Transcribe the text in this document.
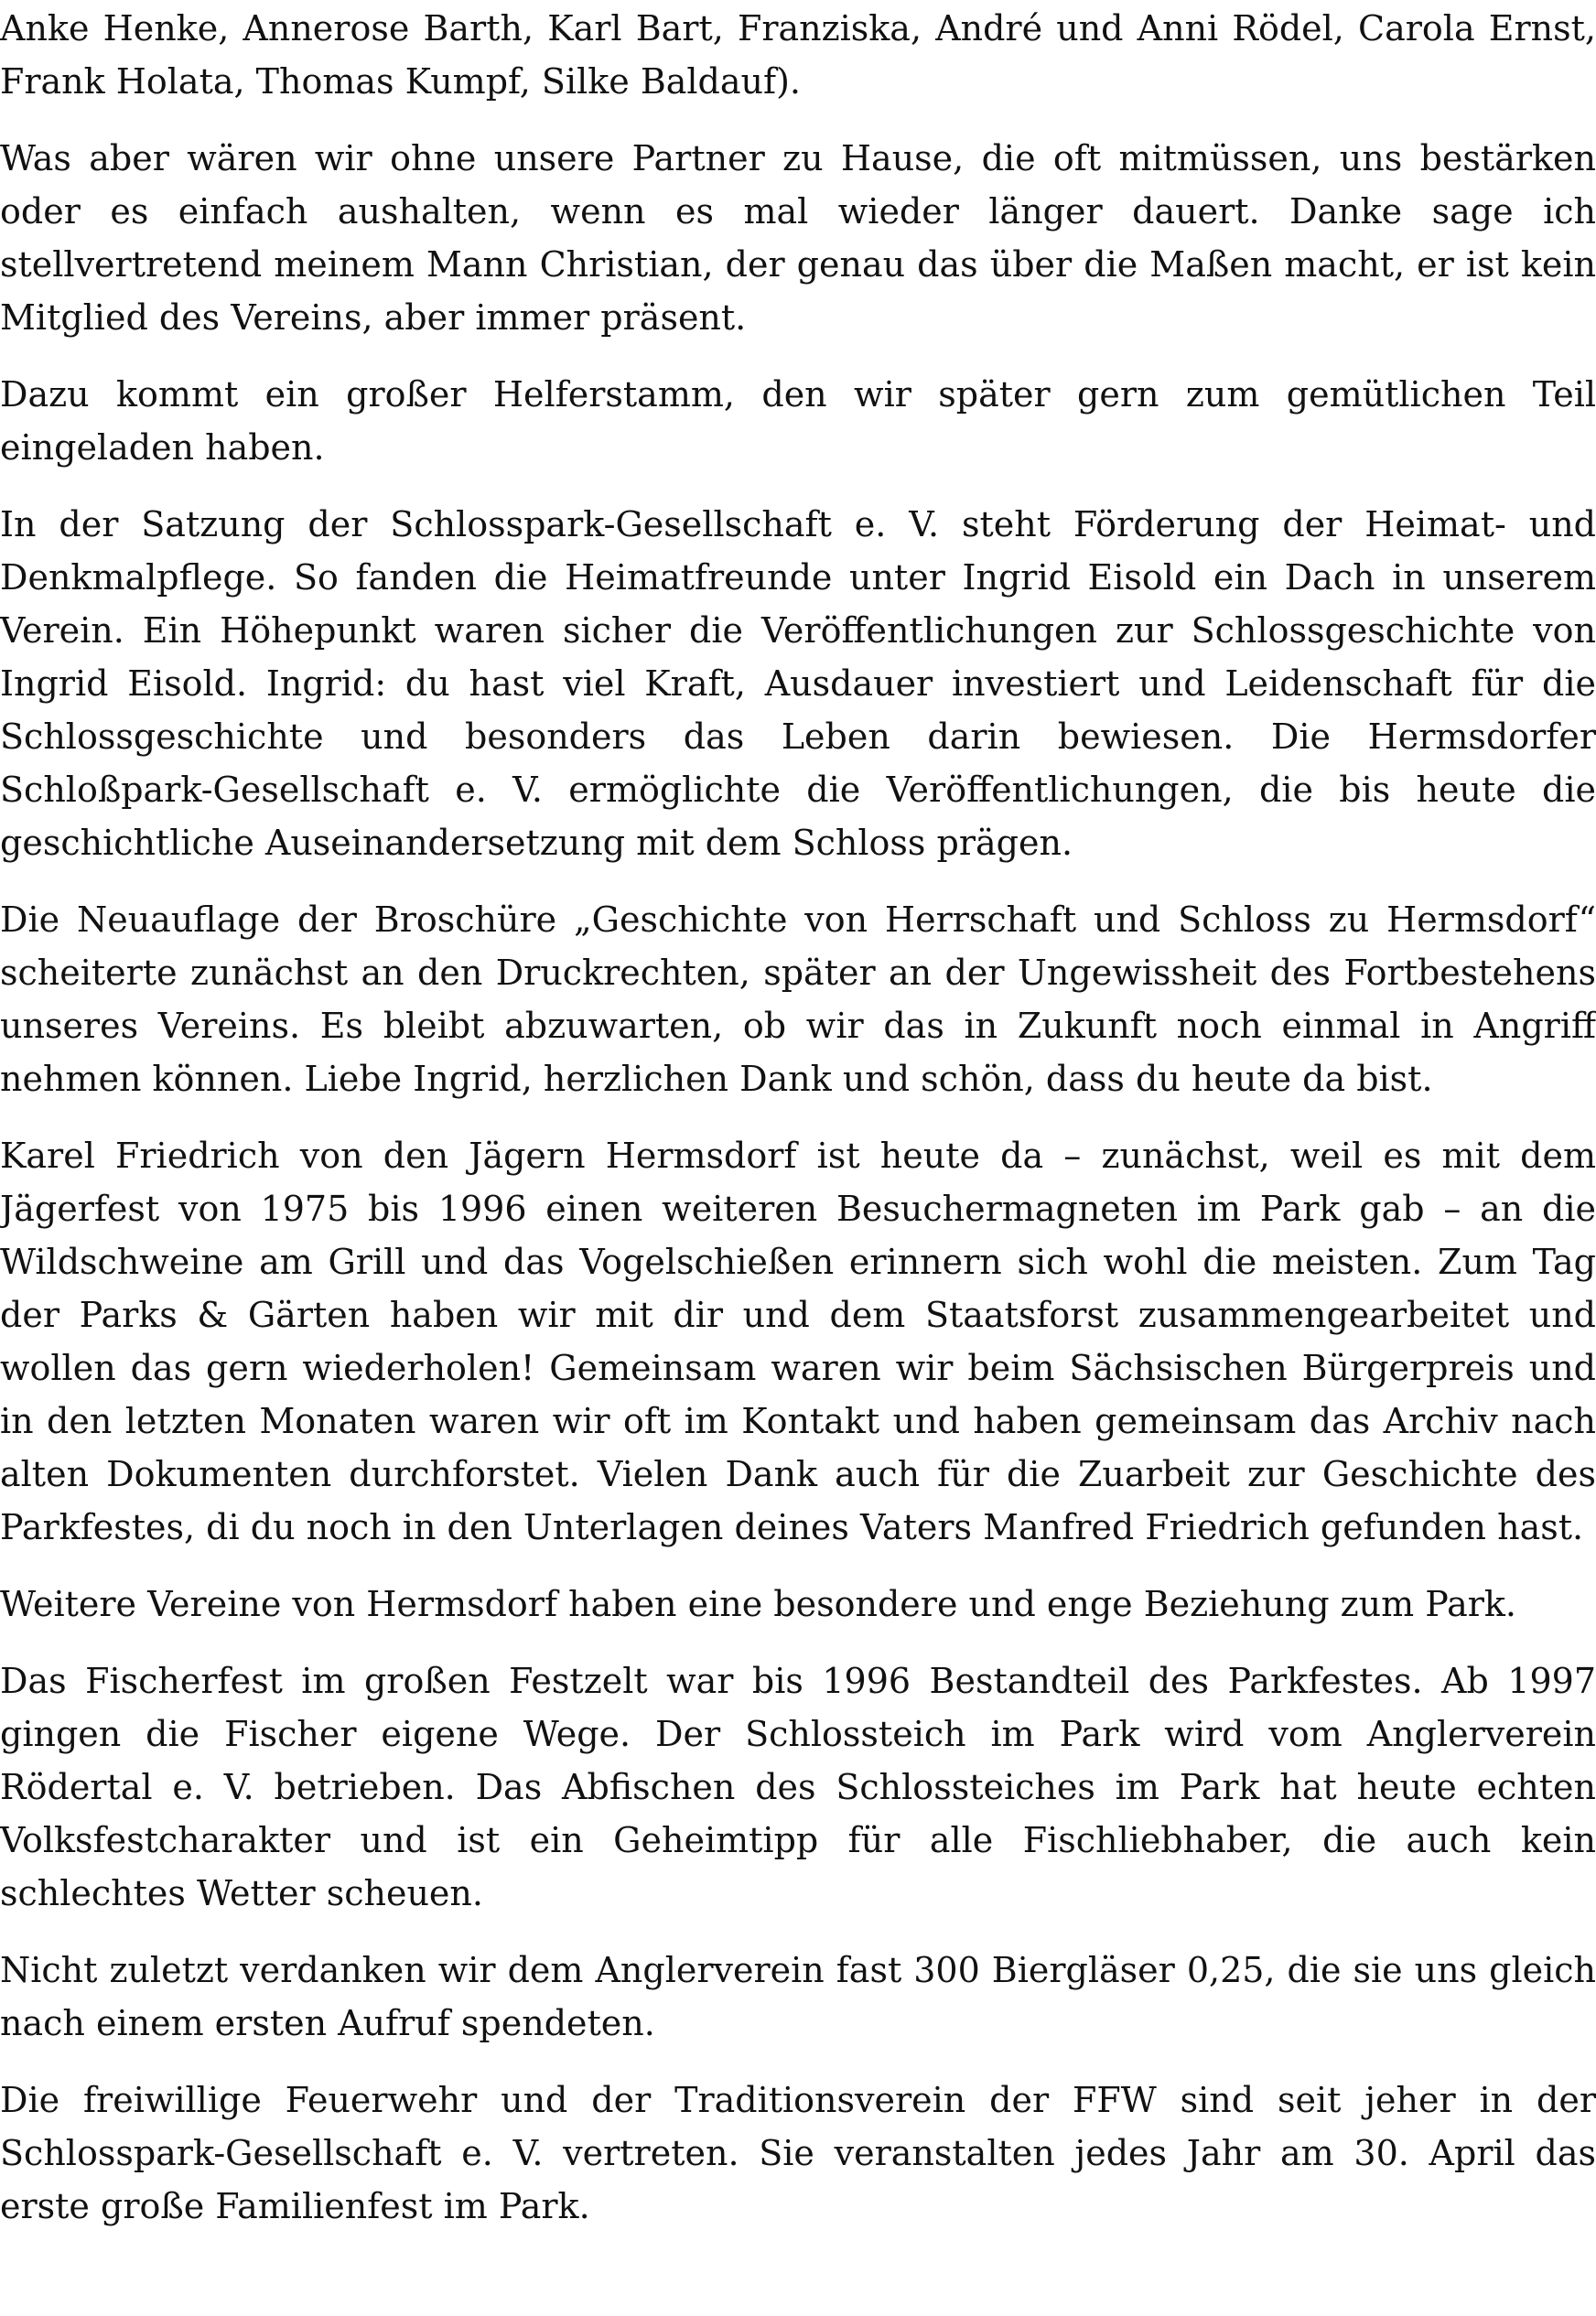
Anke Henke, Annerose Barth, Karl Bart, Franziska, André und Anni Rödel, Carola Ernst, Frank Holata, Thomas Kumpf, Silke Baldauf).

Was aber wären wir ohne unsere Partner zu Hause, die oft mitmüssen, uns bestärken oder es einfach aushalten, wenn es mal wieder länger dauert. Danke sage ich stellvertretend meinem Mann Christian, der genau das über die Maßen macht, er ist kein Mitglied des Vereins, aber immer präsent.

Dazu kommt ein großer Helferstamm, den wir später gern zum gemütlichen Teil eingeladen haben.

In der Satzung der Schlosspark-Gesellschaft e. V. steht Förderung der Heimat- und Denkmalpflege. So fanden die Heimatfreunde unter Ingrid Eisold ein Dach in unserem Verein. Ein Höhepunkt waren sicher die Veröffentlichungen zur Schlossgeschichte von Ingrid Eisold. Ingrid: du hast viel Kraft, Ausdauer investiert und Leidenschaft für die Schlossgeschichte und besonders das Leben darin bewiesen. Die Hermsdorfer Schloßpark-Gesellschaft e. V. ermöglichte die Veröffentlichungen, die bis heute die geschichtliche Auseinandersetzung mit dem Schloss prägen.

Die Neuauflage der Broschüre „Geschichte von Herrschaft und Schloss zu Hermsdorf“ scheiterte zunächst an den Druckrechten, später an der Ungewissheit des Fortbestehens unseres Vereins. Es bleibt abzuwarten, ob wir das in Zukunft noch einmal in Angriff nehmen können. Liebe Ingrid, herzlichen Dank und schön, dass du heute da bist.

Karel Friedrich von den Jägern Hermsdorf ist heute da – zunächst, weil es mit dem Jägerfest von 1975 bis 1996 einen weiteren Besuchermagneten im Park gab – an die Wildschweine am Grill und das Vogelschießen erinnern sich wohl die meisten. Zum Tag der Parks & Gärten haben wir mit dir und dem Staatsforst zusammengearbeitet und wollen das gern wiederholen! Gemeinsam waren wir beim Sächsischen Bürgerpreis und in den letzten Monaten waren wir oft im Kontakt und haben gemeinsam das Archiv nach alten Dokumenten durchforstet. Vielen Dank auch für die Zuarbeit zur Geschichte des Parkfestes, di du noch in den Unterlagen deines Vaters Manfred Friedrich gefunden hast.

Weitere Vereine von Hermsdorf haben eine besondere und enge Beziehung zum Park.

Das Fischerfest im großen Festzelt war bis 1996 Bestandteil des Parkfestes. Ab 1997 gingen die Fischer eigene Wege. Der Schlossteich im Park wird vom Anglerverein Rödertal e. V. betrieben. Das Abfischen des Schlossteiches im Park hat heute echten Volksfestcharakter und ist ein Geheimtipp für alle Fischliebhaber, die auch kein schlechtes Wetter scheuen.

Nicht zuletzt verdanken wir dem Anglerverein fast 300 Biergläser 0,25, die sie uns gleich nach einem ersten Aufruf spendeten.

Die freiwillige Feuerwehr und der Traditionsverein der FFW sind seit jeher in der Schlosspark-Gesellschaft e. V. vertreten. Sie veranstalten jedes Jahr am 30. April das erste große Familienfest im Park.
